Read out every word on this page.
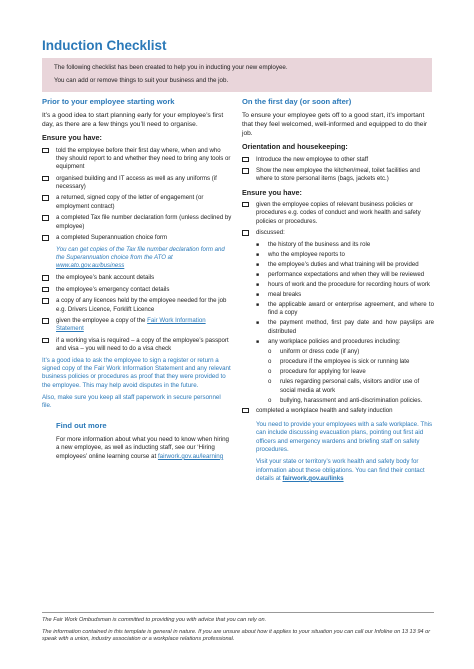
Induction Checklist

The following checklist has been created to help you in inducting your new employee.

You can add or remove things to suit your business and the job.

Prior to your employee starting work
It’s a good idea to start planning early for your employee’s first day, as there are a few things you’ll need to organise.
Ensure you have:
told the employee before their first day where, when and who they should report to and whether they need to bring any tools or equipment
organised building and IT access as well as any uniforms (if necessary)
a returned, signed copy of the letter of engagement (or employment contract)
a completed Tax file number declaration form (unless declined by employee)
a completed Superannuation choice form
You can get copies of the Tax file number declaration form and the Superannuation choice from the ATO at www.ato.gov.au/business
the employee’s bank account details
the employee’s emergency contact details
a copy of any licences held by the employee needed for the job e.g. Drivers Licence, Forklift Licence
given the employee a copy of the Fair Work Information Statement
if a working visa is required – a copy of the employee’s passport and visa – you will need to do a visa check
It’s a good idea to ask the employee to sign a register or return a signed copy of the Fair Work Information Statement and any relevant business policies or procedures as proof that they were provided to the employee. This may help avoid disputes in the future.
Also, make sure you keep all staff paperwork in secure personnel file.
Find out more
For more information about what you need to know when hiring a new employee, as well as inducting staff, see our ‘Hiring employees’ online learning course at fairwork.gov.au/learning
On the first day (or soon after)
To ensure your employee gets off to a good start, it’s important that they feel welcomed, well-informed and equipped to do their job.
Orientation and housekeeping:
Introduce the new employee to other staff
Show the new employee the kitchen/meal, toilet facilities and where to store personal items (bags, jackets etc.)
Ensure you have:
given the employee copies of relevant business policies or procedures e.g. codes of conduct and work health and safety policies or procedures.
discussed:
■	the history of the business and its role
■	who the employee reports to
■	the employee’s duties and what training will be provided
■	performance expectations and when they will be reviewed
■	hours of work and the procedure for recording hours of work
■	meal breaks
■	the applicable award or enterprise agreement, and where to find a copy
■	the payment method, first pay date and how payslips are distributed
■	any workplace policies and procedures including:
o	uniform or dress code (if any)
o	procedure if the employee is sick or running late
o	procedure for applying for leave
o	rules regarding personal calls, visitors and/or use of social media at work
o	bullying, harassment and anti-discrimination policies.
completed a workplace health and safety induction
You need to provide your employees with a safe workplace. This can include discussing evacuation plans, pointing out first aid officers and emergency wardens and briefing staff on safety procedures.
Visit your state or territory’s work health and safety body for information about these obligations. You can find their contact details at fairwork.gov.au/links

The Fair Work Ombudsman is committed to providing you with advice that you can rely on.

The information contained in this template is general in nature. If you are unsure about how it applies to your situation you can call our Infoline on 13 13 94 or speak with a union, industry association or a workplace relations professional.
